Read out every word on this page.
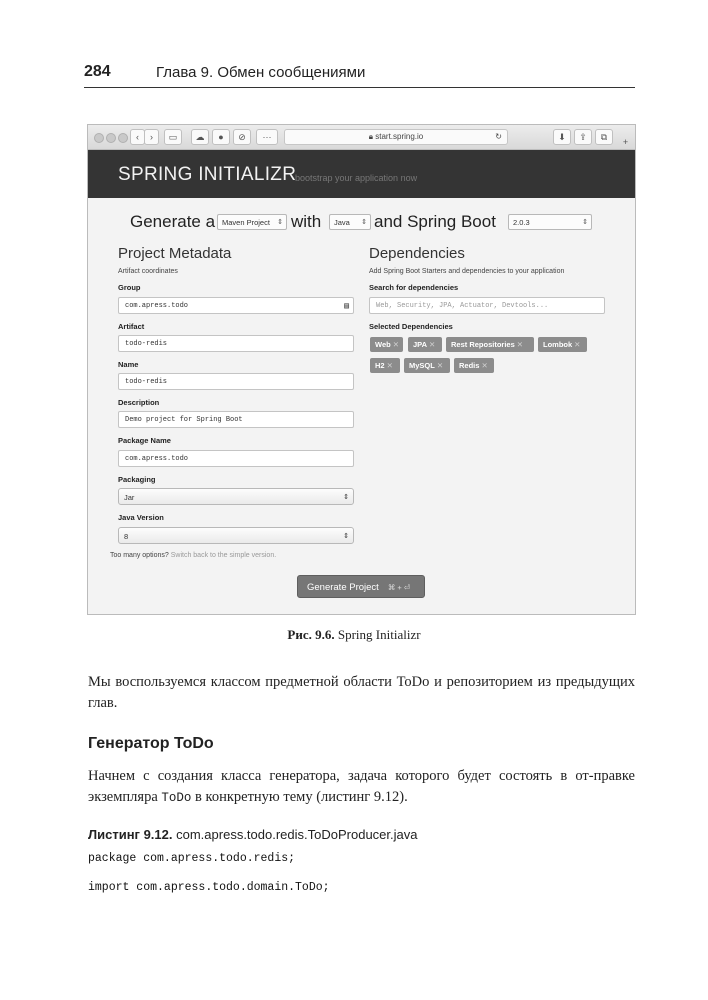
284	Глава 9. Обмен сообщениями
‹	›	▭	☁	●	⊘	···	🔒︎ start.spring.io	↻	⬇	⇪	⧉	+
SPRING INITIALIZR
bootstrap your application now
Generate a Maven Project ⇕ with	Java ⇕ and Spring Boot	2.0.3	⇕
Project Metadata
Artifact coordinates
Group
com.apress.todo	▤
Artifact
todo-redis
Name
todo-redis
Description
Demo project for Spring Boot
Package Name
com.apress.todo
Packaging
Jar	⇕
Java Version
8	⇕
Too many options? Switch back to the simple version.
Dependencies
Add Spring Boot Starters and dependencies to your application
Search for dependencies
Web, Security, JPA, Actuator, Devtools...
Selected Dependencies
Web ✕	JPA ✕	Rest Repositories ✕	Lombok ✕
H2 ✕	MySQL ✕	Redis ✕
Generate Project ⌘ + ⏎
Рис. 9.6. Spring Initializr
Мы воспользуемся классом предметной области ToDo и репозиторием из предыдущих глав.
Генератор ToDo
Начнем с создания класса генератора, задача которого будет состоять в от-правке экземпляра ToDo в конкретную тему (листинг 9.12).
Листинг 9.12. com.apress.todo.redis.ToDoProducer.java
package com.apress.todo.redis;
import com.apress.todo.domain.ToDo;
